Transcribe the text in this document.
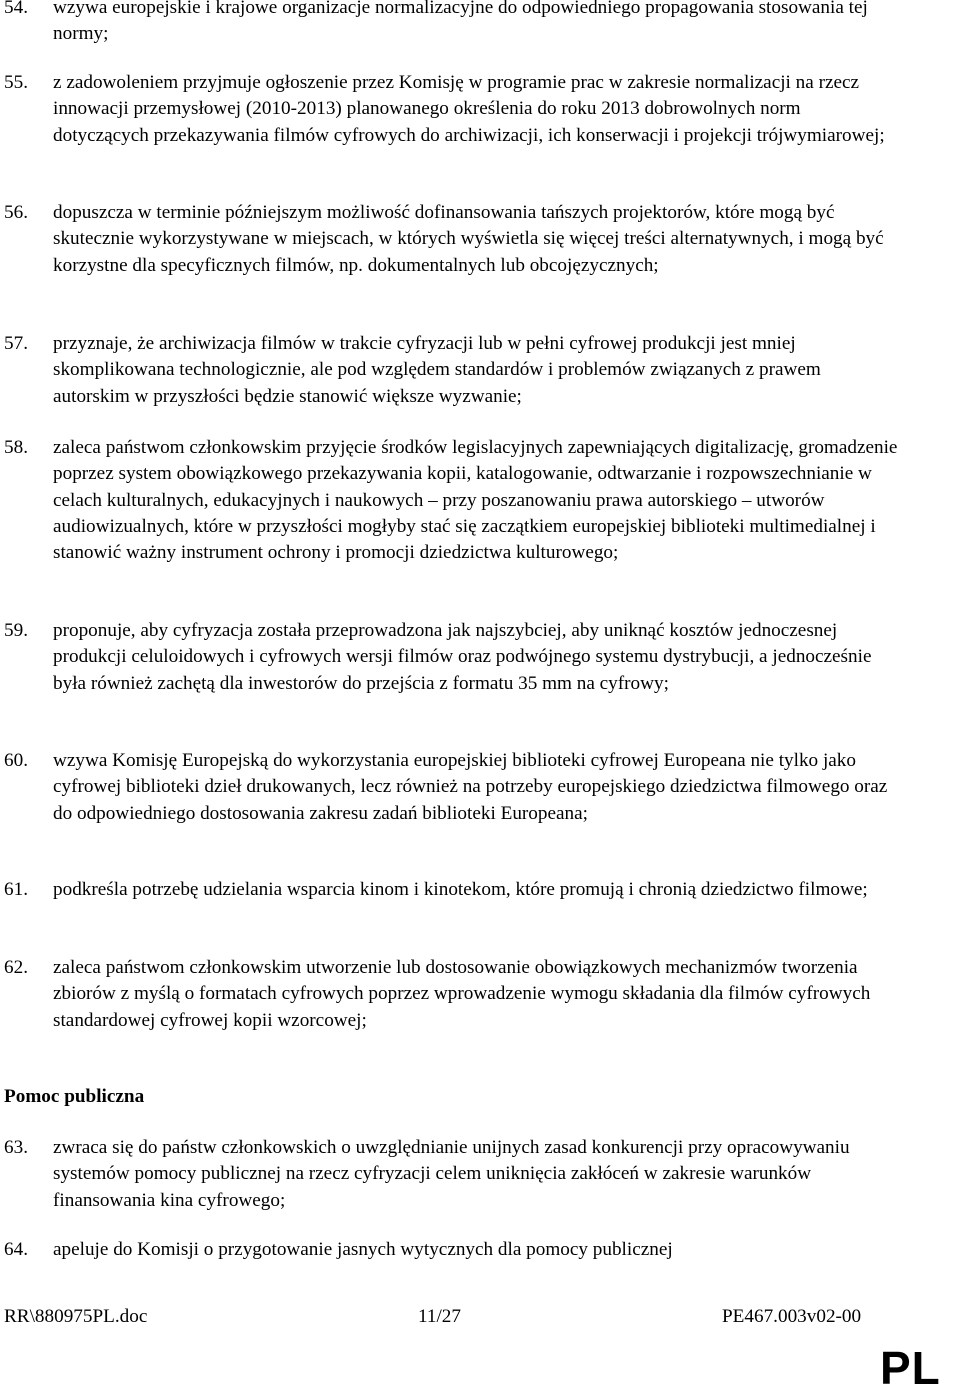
54.	wzywa europejskie i krajowe organizacje normalizacyjne do odpowiedniego propagowania stosowania tej normy;
55.	z zadowoleniem przyjmuje ogłoszenie przez Komisję w programie prac w zakresie normalizacji na rzecz innowacji przemysłowej (2010-2013) planowanego określenia do roku 2013 dobrowolnych norm dotyczących przekazywania filmów cyfrowych do archiwizacji, ich konserwacji i projekcji trójwymiarowej;
56.	dopuszcza w terminie późniejszym możliwość dofinansowania tańszych projektorów, które mogą być skutecznie wykorzystywane w miejscach, w których wyświetla się więcej treści alternatywnych, i mogą być korzystne dla specyficznych filmów, np. dokumentalnych lub obcojęzycznych;
57.	przyznaje, że archiwizacja filmów w trakcie cyfryzacji lub w pełni cyfrowej produkcji jest mniej skomplikowana technologicznie, ale pod względem standardów i problemów związanych z prawem autorskim w przyszłości będzie stanowić większe wyzwanie;
58.	zaleca państwom członkowskim przyjęcie środków legislacyjnych zapewniających digitalizację, gromadzenie poprzez system obowiązkowego przekazywania kopii, katalogowanie, odtwarzanie i rozpowszechnianie w celach kulturalnych, edukacyjnych i naukowych – przy poszanowaniu prawa autorskiego – utworów audiowizualnych, które w przyszłości mogłyby stać się zaczątkiem europejskiej biblioteki multimedialnej i stanowić ważny instrument ochrony i promocji dziedzictwa kulturowego;
59.	proponuje, aby cyfryzacja została przeprowadzona jak najszybciej, aby uniknąć kosztów jednoczesnej produkcji celuloidowych i cyfrowych wersji filmów oraz podwójnego systemu dystrybucji, a jednocześnie była również zachętą dla inwestorów do przejścia z formatu 35 mm na cyfrowy;
60.	wzywa Komisję Europejską do wykorzystania europejskiej biblioteki cyfrowej Europeana nie tylko jako cyfrowej biblioteki dzieł drukowanych, lecz również na potrzeby europejskiego dziedzictwa filmowego oraz do odpowiedniego dostosowania zakresu zadań biblioteki Europeana;
61.	podkreśla potrzebę udzielania wsparcia kinom i kinotekom, które promują i chronią dziedzictwo filmowe;
62.	zaleca państwom członkowskim utworzenie lub dostosowanie obowiązkowych mechanizmów tworzenia zbiorów z myślą o formatach cyfrowych poprzez wprowadzenie wymogu składania dla filmów cyfrowych standardowej cyfrowej kopii wzorcowej;
Pomoc publiczna
63.	zwraca się do państw członkowskich o uwzględnianie unijnych zasad konkurencji przy opracowywaniu systemów pomocy publicznej na rzecz cyfryzacji celem uniknięcia zakłóceń w zakresie warunków finansowania kina cyfrowego;
64.	apeluje do Komisji o przygotowanie jasnych wytycznych dla pomocy publicznej
RR\880975PL.doc	11/27	PE467.003v02-00
PL
